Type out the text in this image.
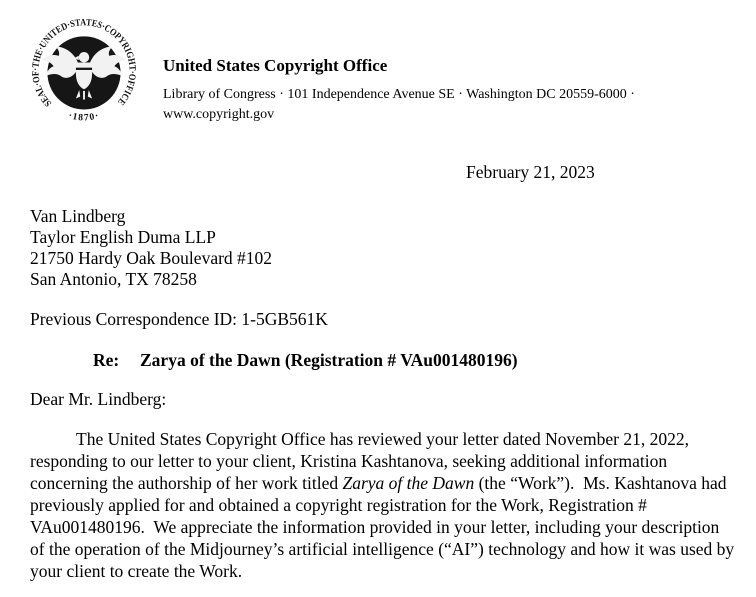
SEAL·OF·THE·UNITED·STATES·COPYRIGHT·OFFICE
·1870·
United States Copyright Office
Library of Congress · 101 Independence Avenue SE · Washington DC 20559-6000 ·
www.copyright.gov
February 21, 2023
Van Lindberg
Taylor English Duma LLP
21750 Hardy Oak Boulevard #102
San Antonio, TX 78258
Previous Correspondence ID: 1-5GB561K
Re: Zarya of the Dawn (Registration # VAu001480196)
Dear Mr. Lindberg:

The United States Copyright Office has reviewed your letter dated November 21, 2022, responding to our letter to your client, Kristina Kashtanova, seeking additional information concerning the authorship of her work titled Zarya of the Dawn (the “Work”).  Ms. Kashtanova had previously applied for and obtained a copyright registration for the Work, Registration # VAu001480196.  We appreciate the information provided in your letter, including your description of the operation of the Midjourney’s artificial intelligence (“AI”) technology and how it was used by your client to create the Work.
